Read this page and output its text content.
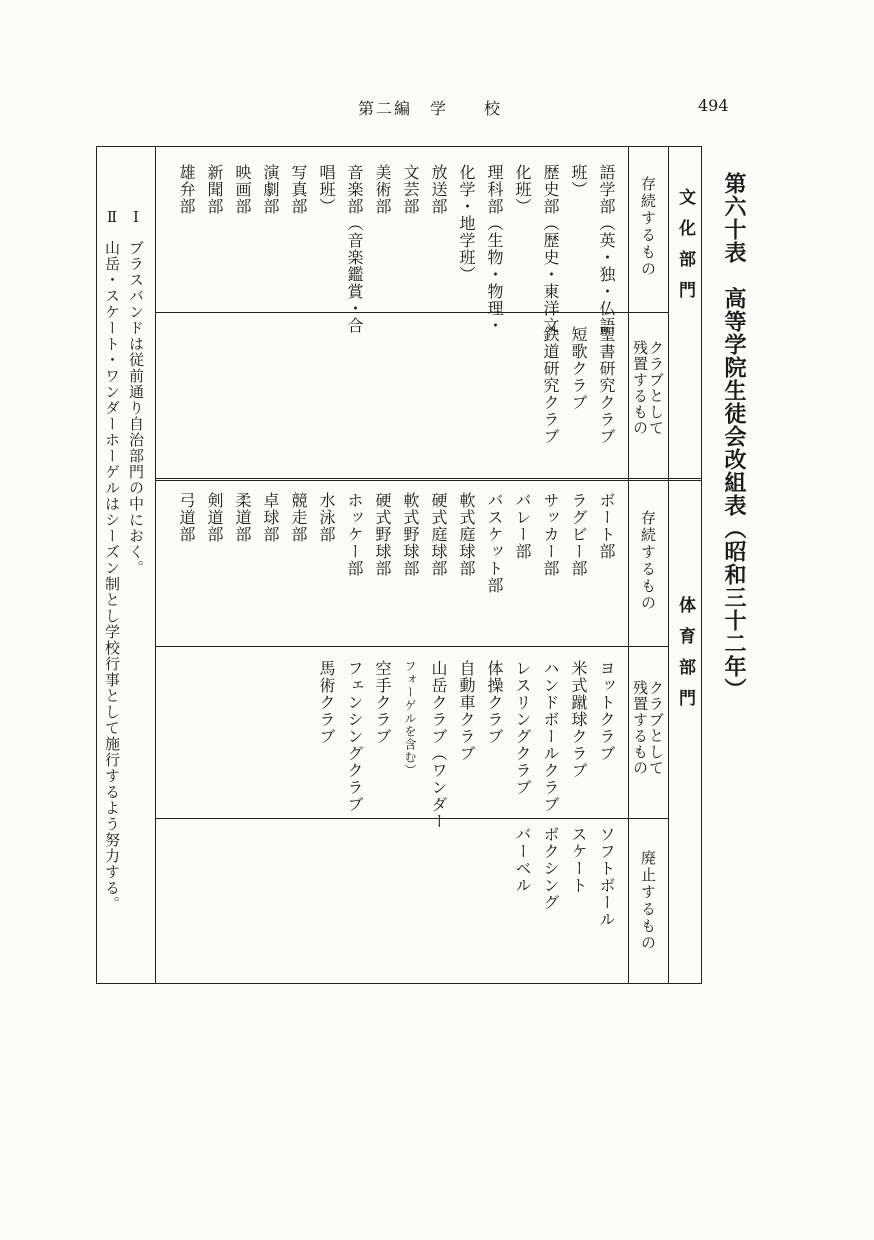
第二編　学　　校	494
第六十表　高等学院生徒会改組表（昭和三十二年）
文化部門
体育部門
存続するもの
クラブとして
残置するもの
存続するもの
クラブとして
残置するもの
廃止するもの
語学部（英・独・仏語
班）
歴史部（歴史・東洋文
化班）
理科部（生物・物理・
化学・地学班）
放送部
文芸部
美術部
音楽部（音楽鑑賞・合
唱班）
写真部
演劇部
映画部
新聞部
雄弁部
聖書研究クラブ
短歌クラブ
鉄道研究クラブ
ボート部
ラグビー部
サッカー部
バレー部
バスケット部
軟式庭球部
硬式庭球部
軟式野球部
硬式野球部
ホッケー部
水泳部
競走部
卓球部
柔道部
剣道部
弓道部
ヨットクラブ
米式蹴球クラブ
ハンドボールクラブ
レスリングクラブ
体操クラブ
自動車クラブ
山岳クラブ（ワンダー
フォーゲルを含む）
空手クラブ
フェンシングクラブ
馬術クラブ
ソフトボール
スケート
ボクシング
バーベル
Ⅰ
ブラスバンドは従前通り自治部門の中におく。
Ⅱ
山岳・スケート・ワンダーホーゲルはシーズン制とし学校行事として施行するよう努力する。
